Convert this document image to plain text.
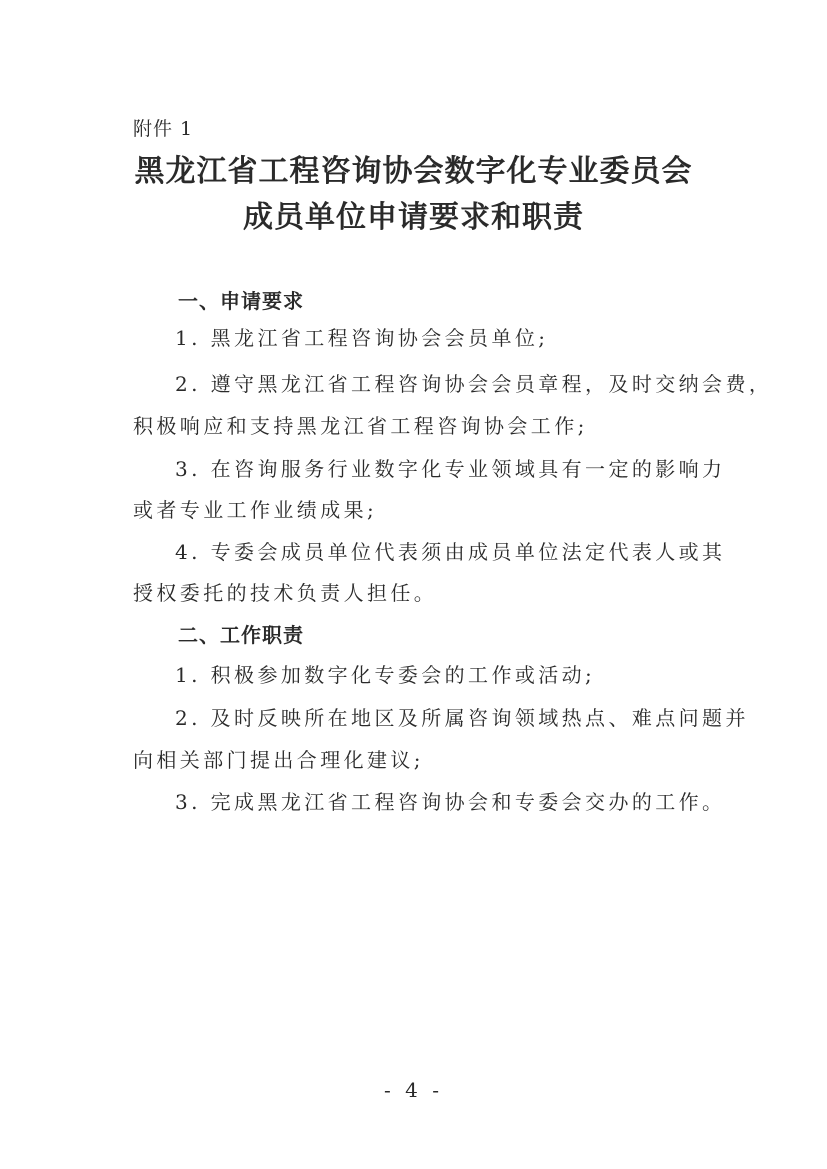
附件 1
黑龙江省工程咨询协会数字化专业委员会
成员单位申请要求和职责
一、申请要求
1. 黑龙江省工程咨询协会会员单位;
2. 遵守黑龙江省工程咨询协会会员章程，及时交纳会费，
积极响应和支持黑龙江省工程咨询协会工作;
3. 在咨询服务行业数字化专业领域具有一定的影响力
或者专业工作业绩成果;
4. 专委会成员单位代表须由成员单位法定代表人或其
授权委托的技术负责人担任。
二、工作职责
1. 积极参加数字化专委会的工作或活动;
2. 及时反映所在地区及所属咨询领域热点、难点问题并
向相关部门提出合理化建议;
3. 完成黑龙江省工程咨询协会和专委会交办的工作。
- 4 -
